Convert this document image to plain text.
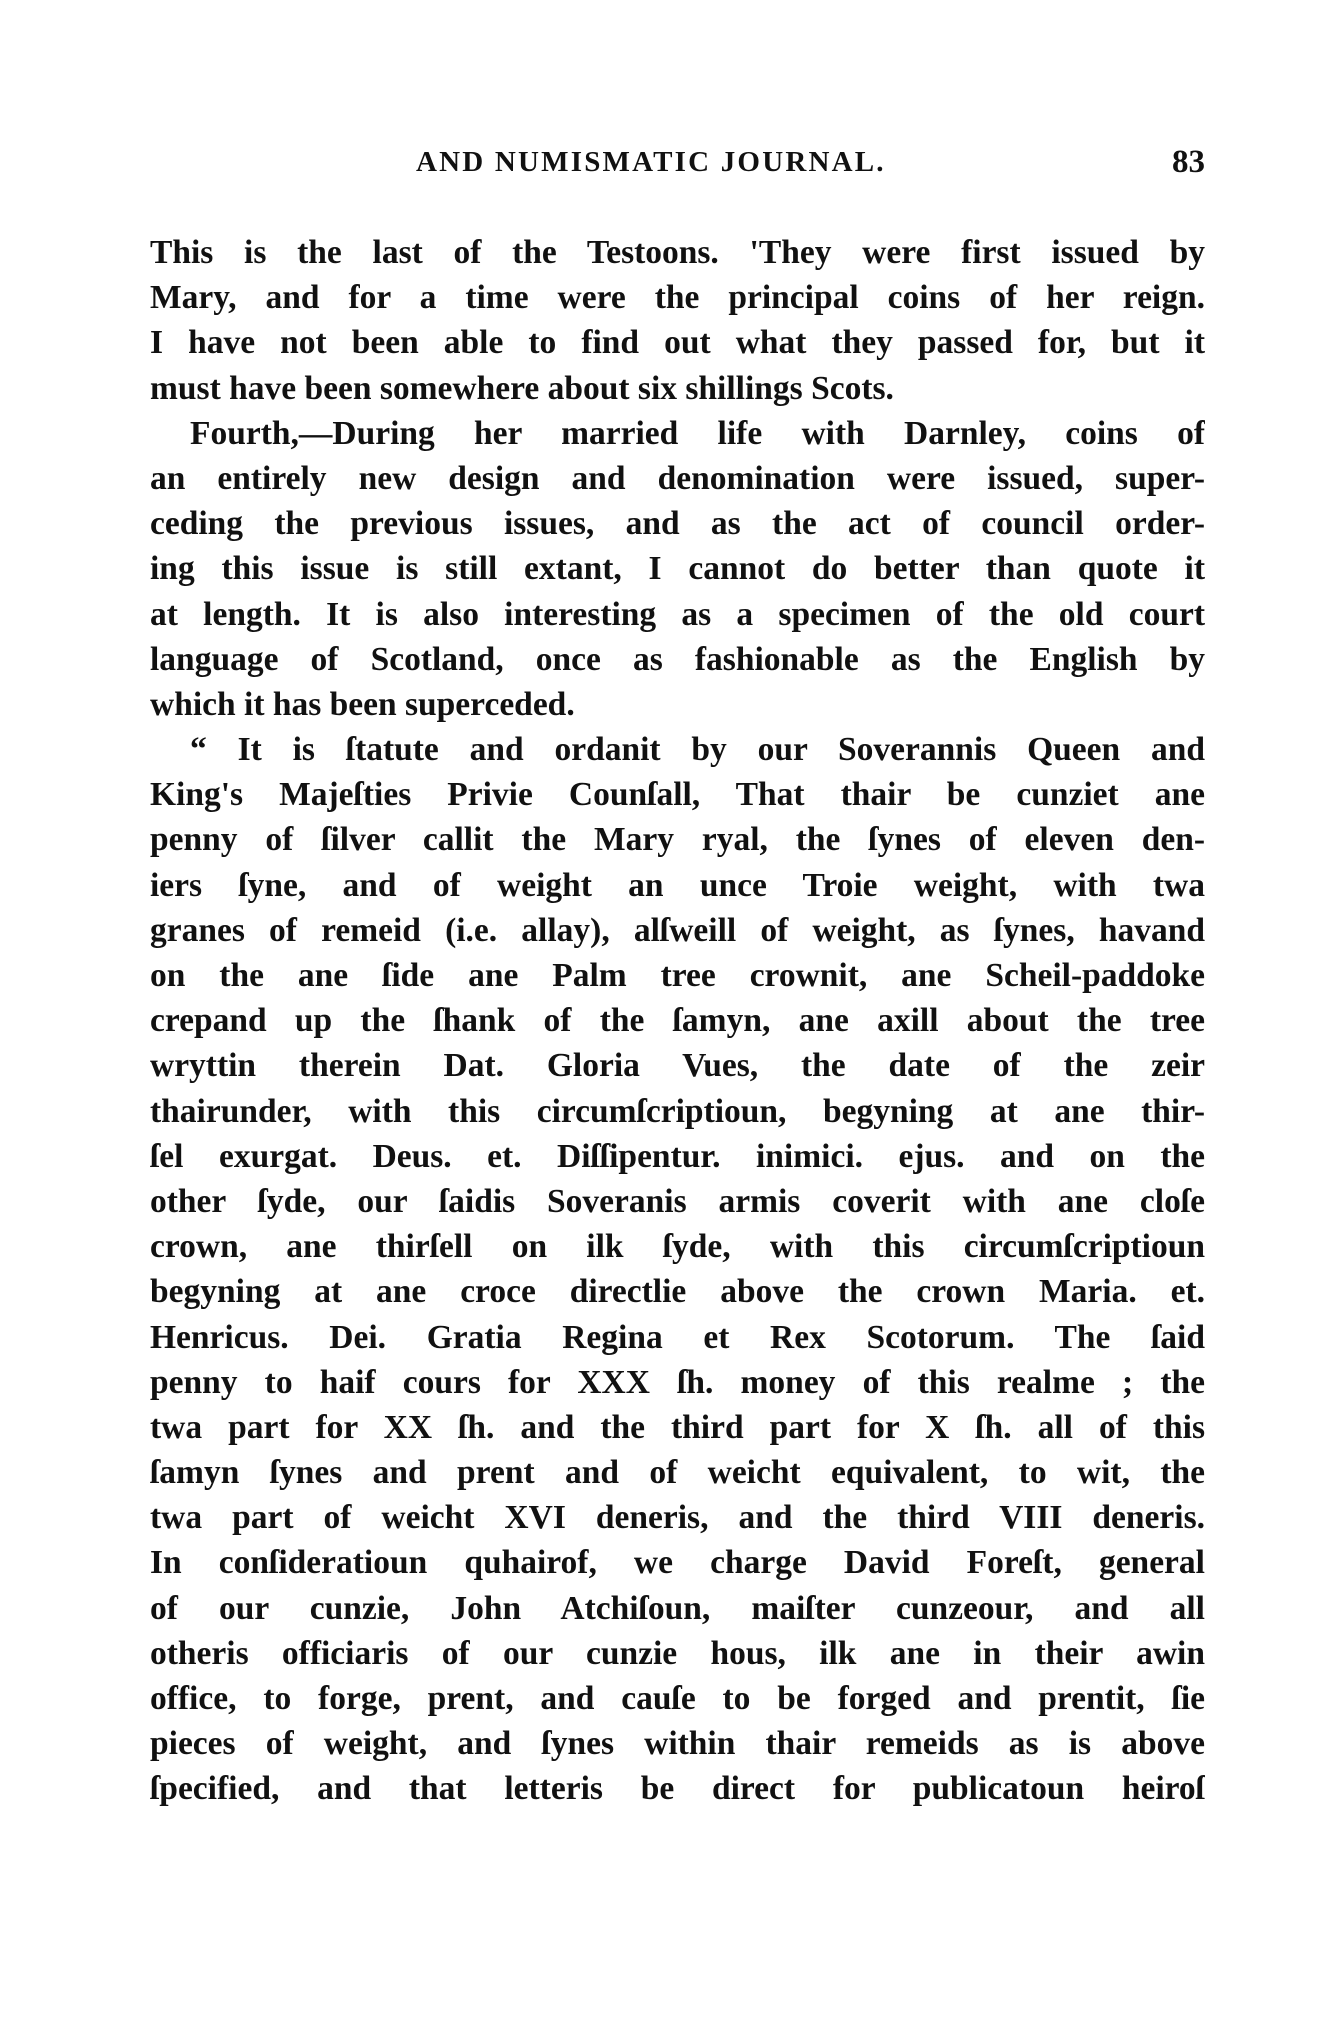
AND NUMISMATIC JOURNAL.	83
This is the last of the Testoons. 'They were first issued by
Mary, and for a time were the principal coins of her reign.
I have not been able to find out what they passed for, but it
must have been somewhere about six shillings Scots.
Fourth,—During her married life with Darnley, coins of
an entirely new design and denomination were issued, super-
ceding the previous issues, and as the act of council order-
ing this issue is still extant, I cannot do better than quote it
at length. It is also interesting as a specimen of the old court
language of Scotland, once as fashionable as the English by
which it has been superceded.
“ It is ſtatute and ordanit by our Soverannis Queen and
King's Majeſties Privie Counſall, That thair be cunziet ane
penny of ſilver callit the Mary ryal, the ſynes of eleven den-
iers ſyne, and of weight an unce Troie weight, with twa
granes of remeid (i.e. allay), alſweill of weight, as ſynes, havand
on the ane ſide ane Palm tree crownit, ane Scheil-paddoke
crepand up the ſhank of the ſamyn, ane axill about the tree
wryttin therein Dat. Gloria Vues, the date of the zeir
thairunder, with this circumſcriptioun, begyning at ane thir-
ſel exurgat. Deus. et. Diſſipentur. inimici. ejus. and on the
other ſyde, our ſaidis Soveranis armis coverit with ane cloſe
crown, ane thirſell on ilk ſyde, with this circumſcriptioun
begyning at ane croce directlie above the crown Maria. et.
Henricus. Dei. Gratia Regina et Rex Scotorum. The ſaid
penny to haif cours for XXX ſh. money of this realme ; the
twa part for XX ſh. and the third part for X ſh. all of this
ſamyn ſynes and prent and of weicht equivalent, to wit, the
twa part of weicht XVI deneris, and the third VIII deneris.
In conſideratioun quhairof, we charge David Foreſt, general
of our cunzie, John Atchiſoun, maiſter cunzeour, and all
otheris officiaris of our cunzie hous, ilk ane in their awin
office, to forge, prent, and cauſe to be forged and prentit, ſie
pieces of weight, and ſynes within thair remeids as is above
ſpecified, and that letteris be direct for publicatoun heiroſ
